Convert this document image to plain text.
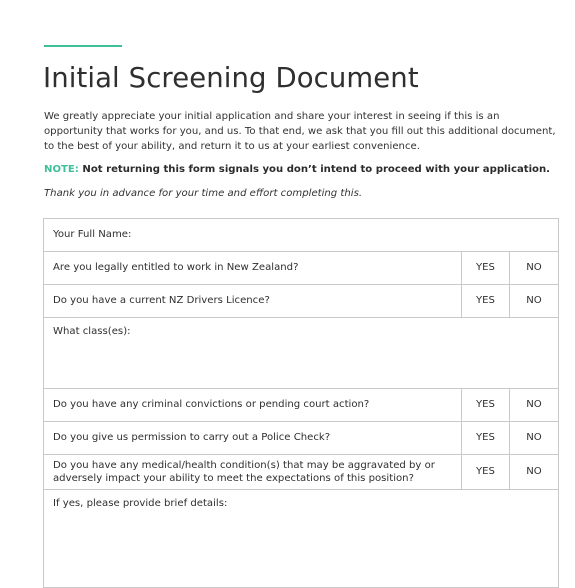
Initial Screening Document

We greatly appreciate your initial application and share your interest in seeing if this is an opportunity that works for you, and us. To that end, we ask that you fill out this additional document, to the best of your ability, and return it to us at your earliest convenience.

NOTE: Not returning this form signals you don’t intend to proceed with your application.

Thank you in advance for your time and effort completing this.

Your Full Name:		
Are you legally entitled to work in New Zealand?	YES	NO
Do you have a current NZ Drivers Licence?	YES	NO
What class(es):		
Do you have any criminal convictions or pending court action?	YES	NO
Do you give us permission to carry out a Police Check?	YES	NO
Do you have any medical/health condition(s) that may be aggravated by or adversely impact your ability to meet the expectations of this position?	YES	NO
If yes, please provide brief details:		
